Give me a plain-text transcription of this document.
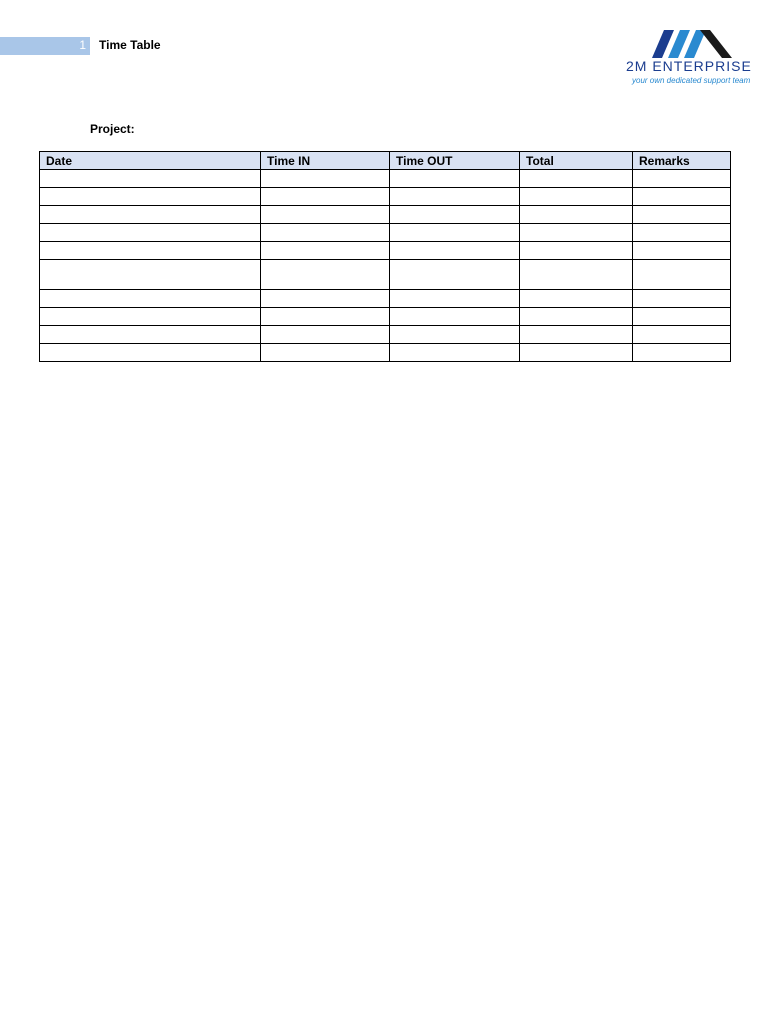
1 Time Table
2M ENTERPRISE
your own dedicated support team
Project:
Date	Time IN	Time OUT	Total	Remarks
